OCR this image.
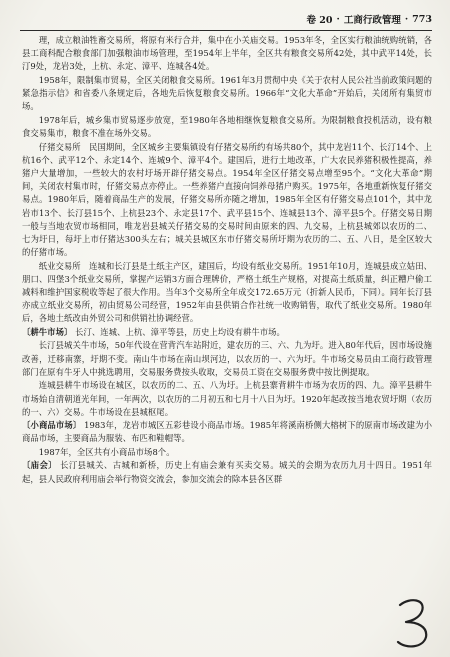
卷 20 · 工商行政管理 · 773

理，成立粮油牲畜交易所，将原有米行合并，集中在小关庙交易。1953年冬，全区实行粮油统购统销，各县工商科配合粮食部门加强粮油市场管理，至1954年上半年，全区共有粮食交易所42处，其中武平14处，长汀9处，龙岩3处，上杭、永定、漳平、连城各4处。

1958年，限制集市贸易，全区关闭粮食交易所。1961年3月贯彻中央《关于农村人民公社当前政策问题的紧急指示信》和省委八条规定后，各地先后恢复粮食交易所。1966年“文化大革命”开始后，关闭所有集贸市场。

1978年后，城乡集市贸易逐步放宽，至1980年各地相继恢复粮食交易所。为限制粮食投机活动，设有粮食交易集市，粮食不准在场外交易。

仔猪交易所　民国期间，全区城乡主要集镇设有仔猪交易所约有场共80个，其中龙岩11个、长汀14个、上杭16个、武平12个、永定14个、连城9个、漳平4个。建国后，进行土地改革，广大农民养猪积极性提高，养猪户大量增加，一些较大的农村圩场开辟仔猪交易点。1954年全区仔猪交易点增至95个。“文化大革命”期间，关闭农村集市时，仔猪交易点亦停止。一些养猪户直接向饲养母猪户购买。1975年，各地重新恢复仔猪交易点。1980年后，随着商品生产的发展，仔猪交易所亦随之增加，1985年全区有仔猪交易点101个，其中龙岩市13个、长汀县15个、上杭县23个、永定县17个、武平县15个、连城县13个、漳平县5个。仔猪交易日期一般与当地农贸市场相同，唯龙岩县城关仔猪交易的交易时间由原来的四、九交易，上杭县城郊以农历的二、七为圩日，每圩上市仔猪达300头左右；城关县城区东市仔猪交易所圩期为农历的二、五、八日，是全区较大的仔猪市场。

纸业交易所　连城和长汀县是土纸主产区，建国后，均设有纸业交易所。1951年10月，连城县成立姑田、朋口、四堡3个纸业交易所，掌握产运销3方面合理牌价，严格土纸生产规格，对提高土纸质量，纠正糟户偷工减料和维护国家税收等起了很大作用。当年3个交易所全年成交172.65万元（折新人民币，下同）。同年长汀县亦成立纸业交易所，初由贸易公司经营，1952年由县供销合作社统一收购销售，取代了纸业交易所。1980年后，各地土纸改由外贸公司和供销社协调经营。

〔耕牛市场〕 长汀、连城、上杭、漳平等县，历史上均设有耕牛市场。

长汀县城关牛市场，50年代设在营背汽车站附近，建农历的三、六、九为圩。进入80年代后，因市场设施改善，迁移南寨，圩期不变。南山牛市场在南山坝河边，以农历的一、六为圩。牛市场交易员由工商行政管理部门在原有牛牙人中挑选聘用，交易服务费按头收取，交易员工资在交易服务费中按比例提取。

连城县耕牛市场设在城区，以农历的二、五、八为圩。上杭县寨背耕牛市场为农历的四、九。漳平县耕牛市场始自清朝道光年间，一年两次，以农历的二月初五和七月十八日为圩。1920年起改按当地农贸圩期（农历的一、六）交易。牛市场设在县城枢尾。

〔小商品市场〕 1983年，龙岩市城区五彩巷设小商品市场。1985年将溪南桥侧大榕树下的原南市场改建为小商品市场，主要商品为服装、布匹和鞋帽等。

1987年，全区共有小商品市场8个。

〔庙会〕 长汀县城关、古城和新桥，历史上有庙会兼有买卖交易。城关的会期为农历九月十四日。1951年起，县人民政府利用庙会举行物资交流会，参加交流会的除本县各区群
